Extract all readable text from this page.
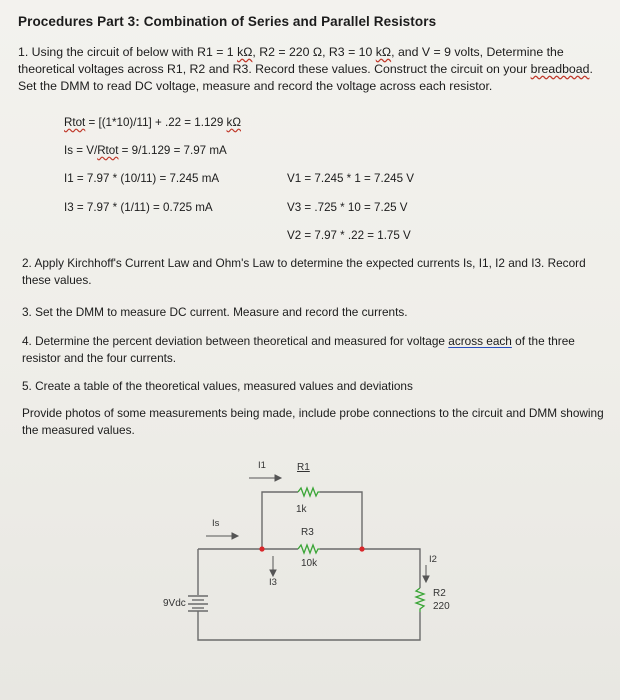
Procedures Part 3: Combination of Series and Parallel Resistors
1. Using the circuit of below with R1 = 1 kΩ, R2 = 220 Ω, R3 = 10 kΩ, and V = 9 volts, Determine the theoretical voltages across R1, R2 and R3. Record these values. Construct the circuit on your breadboad. Set the DMM to read DC voltage, measure and record the voltage across each resistor.
Rtot = [(1*10)/11] + .22 = 1.129 kΩ
Is = V/Rtot = 9/1.129 = 7.97 mA
I1 = 7.97 * (10/11) = 7.245 mA
I3 = 7.97 * (1/11) = 0.725 mA
V1 = 7.245 * 1 = 7.245 V
V3 = .725 * 10 = 7.25 V
V2 = 7.97 * .22 = 1.75 V
2. Apply Kirchhoff's Current Law and Ohm's Law to determine the expected currents Is, I1, I2 and I3. Record these values.
3. Set the DMM to measure DC current. Measure and record the currents.
4. Determine the percent deviation between theoretical and measured for voltage across each of the three resistor and the four currents.
5. Create a table of the theoretical values, measured values and deviations
Provide photos of some measurements being made, include probe connections to the circuit and DMM showing the measured values.
9Vdc
R1
1k
R3
10k
R2
220
I1
Is
I3
I2
